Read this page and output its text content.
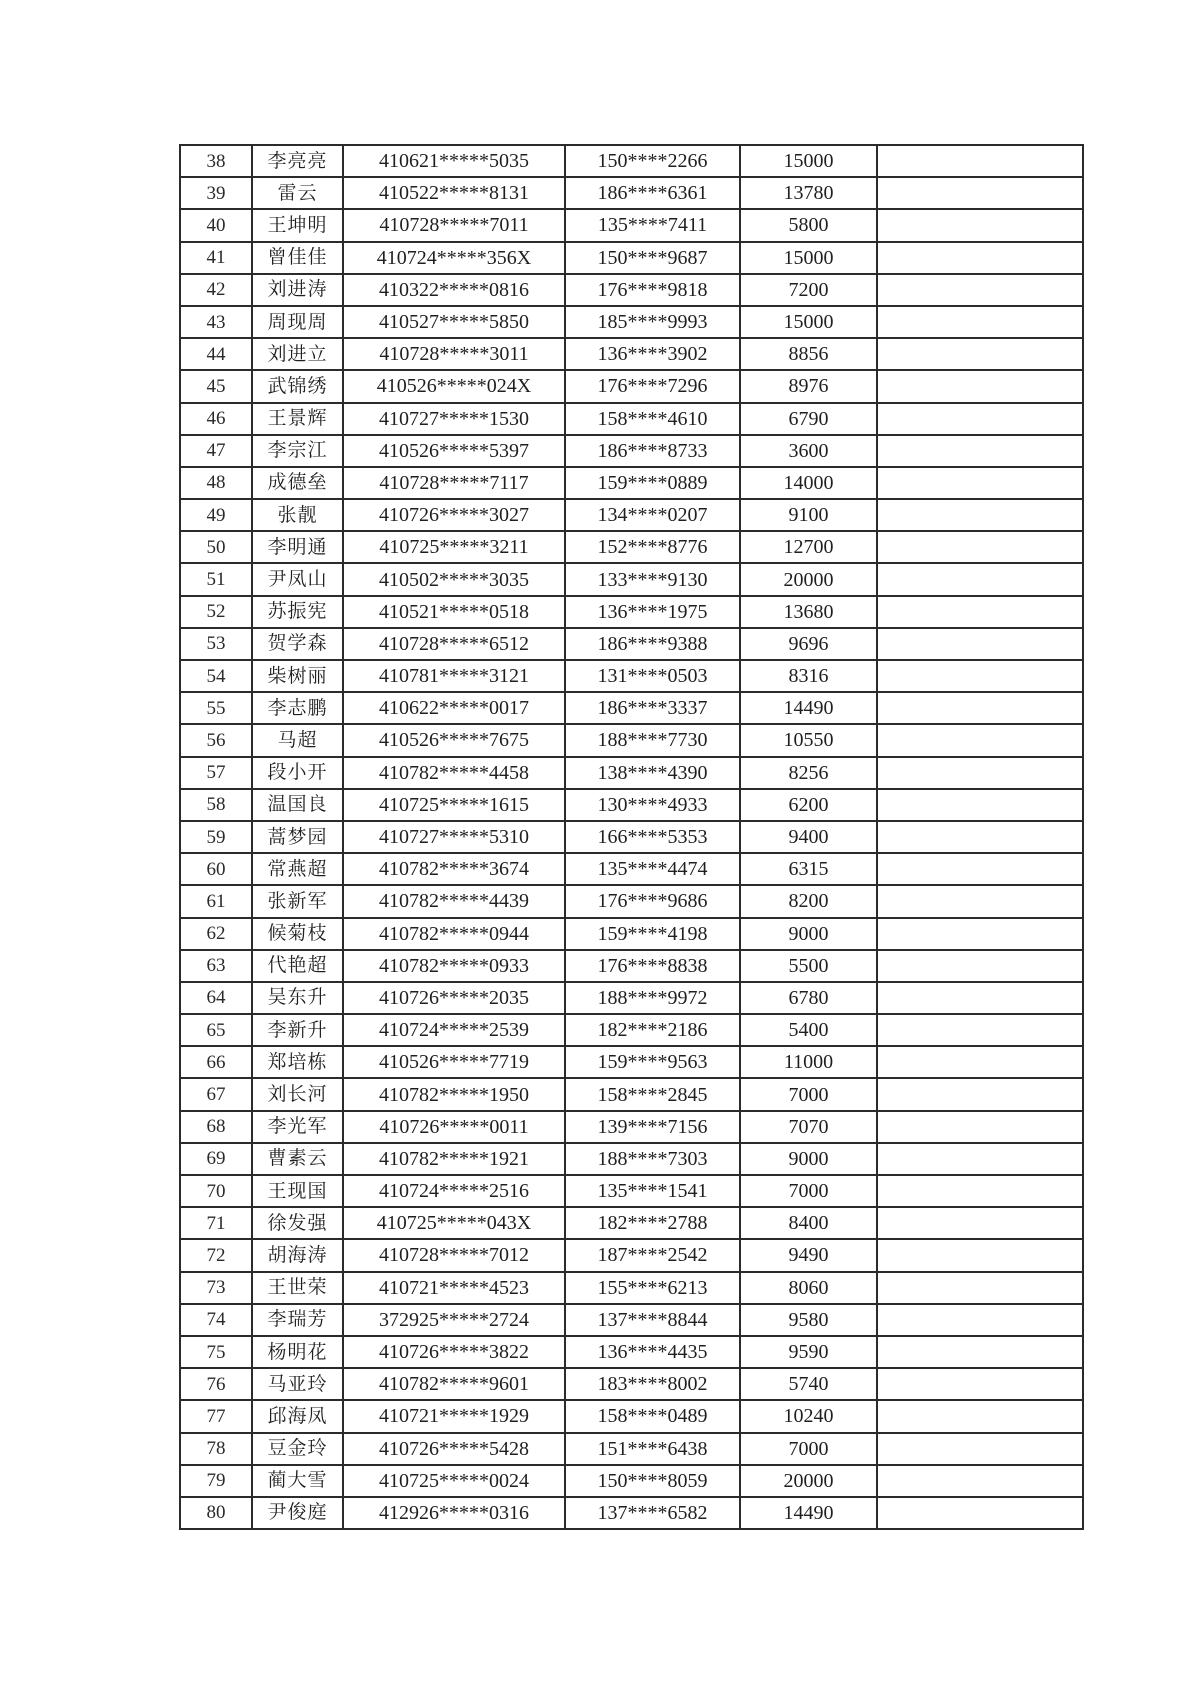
38	李亮亮	410621*****5035	150****2266	15000	
39	雷云	410522*****8131	186****6361	13780	
40	王坤明	410728*****7011	135****7411	5800	
41	曾佳佳	410724*****356X	150****9687	15000	
42	刘进涛	410322*****0816	176****9818	7200	
43	周现周	410527*****5850	185****9993	15000	
44	刘进立	410728*****3011	136****3902	8856	
45	武锦绣	410526*****024X	176****7296	8976	
46	王景辉	410727*****1530	158****4610	6790	
47	李宗江	410526*****5397	186****8733	3600	
48	成德垒	410728*****7117	159****0889	14000	
49	张靓	410726*****3027	134****0207	9100	
50	李明通	410725*****3211	152****8776	12700	
51	尹凤山	410502*****3035	133****9130	20000	
52	苏振宪	410521*****0518	136****1975	13680	
53	贺学森	410728*****6512	186****9388	9696	
54	柴树丽	410781*****3121	131****0503	8316	
55	李志鹏	410622*****0017	186****3337	14490	
56	马超	410526*****7675	188****7730	10550	
57	段小开	410782*****4458	138****4390	8256	
58	温国良	410725*****1615	130****4933	6200	
59	蒿梦园	410727*****5310	166****5353	9400	
60	常燕超	410782*****3674	135****4474	6315	
61	张新军	410782*****4439	176****9686	8200	
62	候菊枝	410782*****0944	159****4198	9000	
63	代艳超	410782*****0933	176****8838	5500	
64	吴东升	410726*****2035	188****9972	6780	
65	李新升	410724*****2539	182****2186	5400	
66	郑培栋	410526*****7719	159****9563	11000	
67	刘长河	410782*****1950	158****2845	7000	
68	李光军	410726*****0011	139****7156	7070	
69	曹素云	410782*****1921	188****7303	9000	
70	王现国	410724*****2516	135****1541	7000	
71	徐发强	410725*****043X	182****2788	8400	
72	胡海涛	410728*****7012	187****2542	9490	
73	王世荣	410721*****4523	155****6213	8060	
74	李瑞芳	372925*****2724	137****8844	9580	
75	杨明花	410726*****3822	136****4435	9590	
76	马亚玲	410782*****9601	183****8002	5740	
77	邱海凤	410721*****1929	158****0489	10240	
78	豆金玲	410726*****5428	151****6438	7000	
79	蔺大雪	410725*****0024	150****8059	20000	
80	尹俊庭	412926*****0316	137****6582	14490	
